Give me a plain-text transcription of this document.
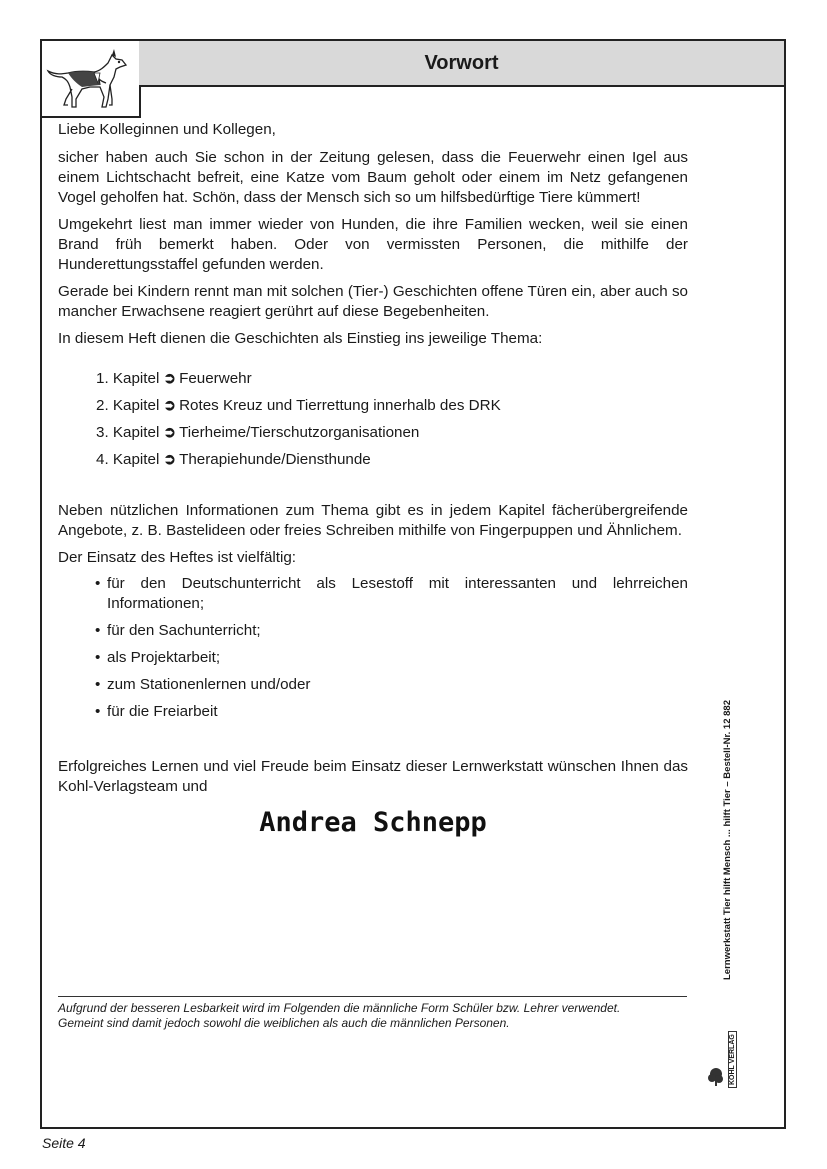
Vorwort

Liebe Kolleginnen und Kollegen,

sicher haben auch Sie schon in der Zeitung gelesen, dass die Feuerwehr einen Igel aus einem Lichtschacht befreit, eine Katze vom Baum geholt oder einem im Netz gefangenen Vogel geholfen hat. Schön, dass der Mensch sich so um hilfsbedürftige Tiere kümmert!

Umgekehrt liest man immer wieder von Hunden, die ihre Familien wecken, weil sie einen Brand früh bemerkt haben. Oder von vermissten Personen, die mithilfe der Hunderettungsstaffel gefunden werden.

Gerade bei Kindern rennt man mit solchen (Tier-) Geschichten offene Türen ein, aber auch so mancher Erwachsene reagiert gerührt auf diese Begebenheiten.

In diesem Heft dienen die Geschichten als Einstieg ins jeweilige Thema:

1. Kapitel ➲ Feuerwehr
2. Kapitel ➲ Rotes Kreuz und Tierrettung innerhalb des DRK
3. Kapitel ➲ Tierheime/Tierschutzorganisationen
4. Kapitel ➲ Therapiehunde/Diensthunde

Neben nützlichen Informationen zum Thema gibt es in jedem Kapitel fächerübergreifende Angebote, z. B. Bastelideen oder freies Schreiben mithilfe von Fingerpuppen und Ähnlichem.

Der Einsatz des Heftes ist vielfältig:

• für den Deutschunterricht als Lesestoff mit interessanten und lehrreichen Informationen;
• für den Sachunterricht;
• als Projektarbeit;
• zum Stationenlernen und/oder
• für die Freiarbeit

Erfolgreiches Lernen und viel Freude beim Einsatz dieser Lernwerkstatt wünschen Ihnen das Kohl-Verlagsteam und

Andrea Schnepp
Aufgrund der besseren Lesbarkeit wird im Folgenden die männliche Form Schüler bzw. Lehrer verwendet.
Gemeint sind damit jedoch sowohl die weiblichen als auch die männlichen Personen.
Lernwerkstatt Tier hilft Mensch ... hilft Tier – Bestell-Nr. 12 882
KOHL VERLAG
Seite 4
